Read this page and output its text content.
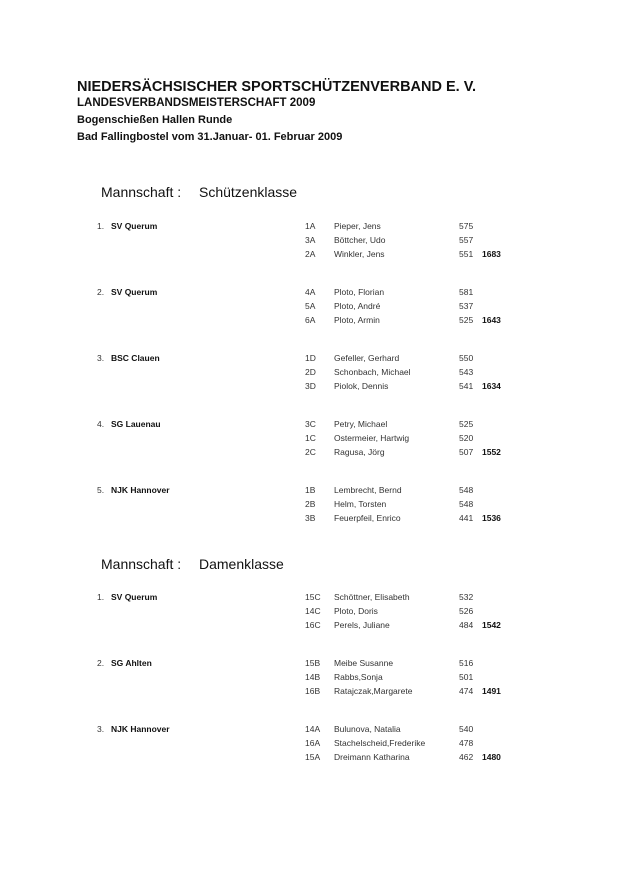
NIEDERSÄCHSISCHER SPORTSCHÜTZENVERBAND E. V.
LANDESVERBANDSMEISTERSCHAFT 2009
Bogenschießen Hallen Runde
Bad Fallingbostel vom 31.Januar- 01. Februar 2009
Mannschaft : Schützenklasse
1. SV Querum	1A Pieper, Jens	575
3A Böttcher, Udo	557
2A Winkler, Jens	551 1683
2. SV Querum	4A Ploto, Florian	581
5A Ploto, André	537
6A Ploto, Armin	525 1643
3. BSC Clauen	1D Gefeller, Gerhard	550
2D Schonbach, Michael	543
3D Piolok, Dennis	541 1634
4. SG Lauenau	3C Petry, Michael	525
1C Ostermeier, Hartwig	520
2C Ragusa, Jörg	507 1552
5. NJK Hannover	1B Lembrecht, Bernd	548
2B Helm, Torsten	548
3B Feuerpfeil, Enrico	441 1536
Mannschaft : Damenklasse
1. SV Querum	15C Schöttner, Elisabeth	532
14C Ploto, Doris	526
16C Perels, Juliane	484 1542
2. SG Ahlten	15B Meibe Susanne	516
14B Rabbs,Sonja	501
16B Ratajczak,Margarete	474 1491
3. NJK Hannover	14A Bulunova, Natalia	540
16A Stachelscheid,Frederike	478
15A Dreimann Katharina	462 1480
